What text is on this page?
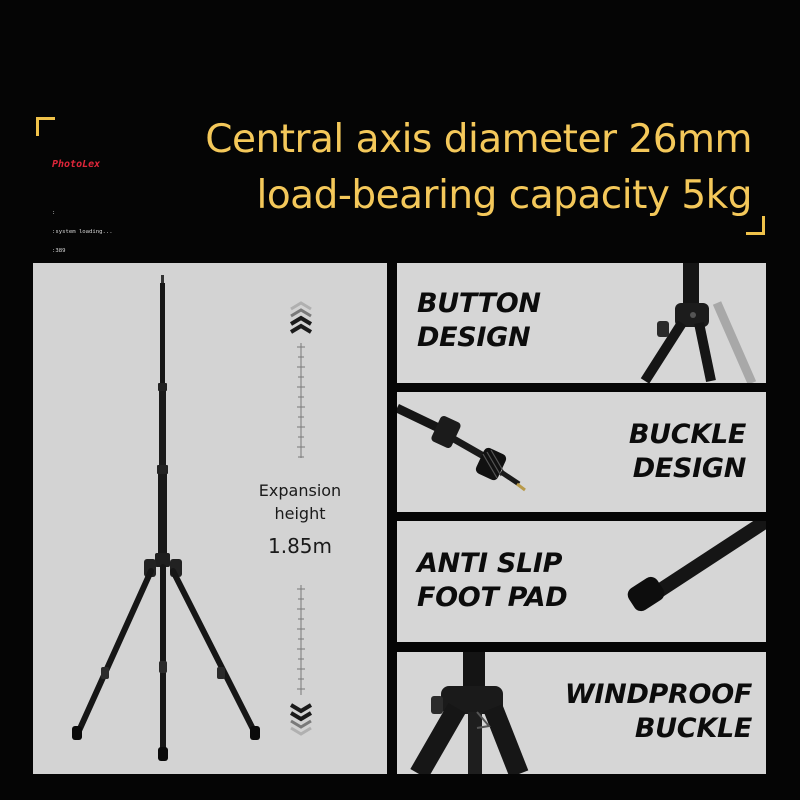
PhotoLex

:

:system loading...

:389

Central axis diameter 26mm
load-bearing capacity 5kg
Expansion
height
1.85m
BUTTON
DESIGN
BUCKLE
DESIGN
ANTI SLIP
FOOT PAD
WINDPROOF
BUCKLE
